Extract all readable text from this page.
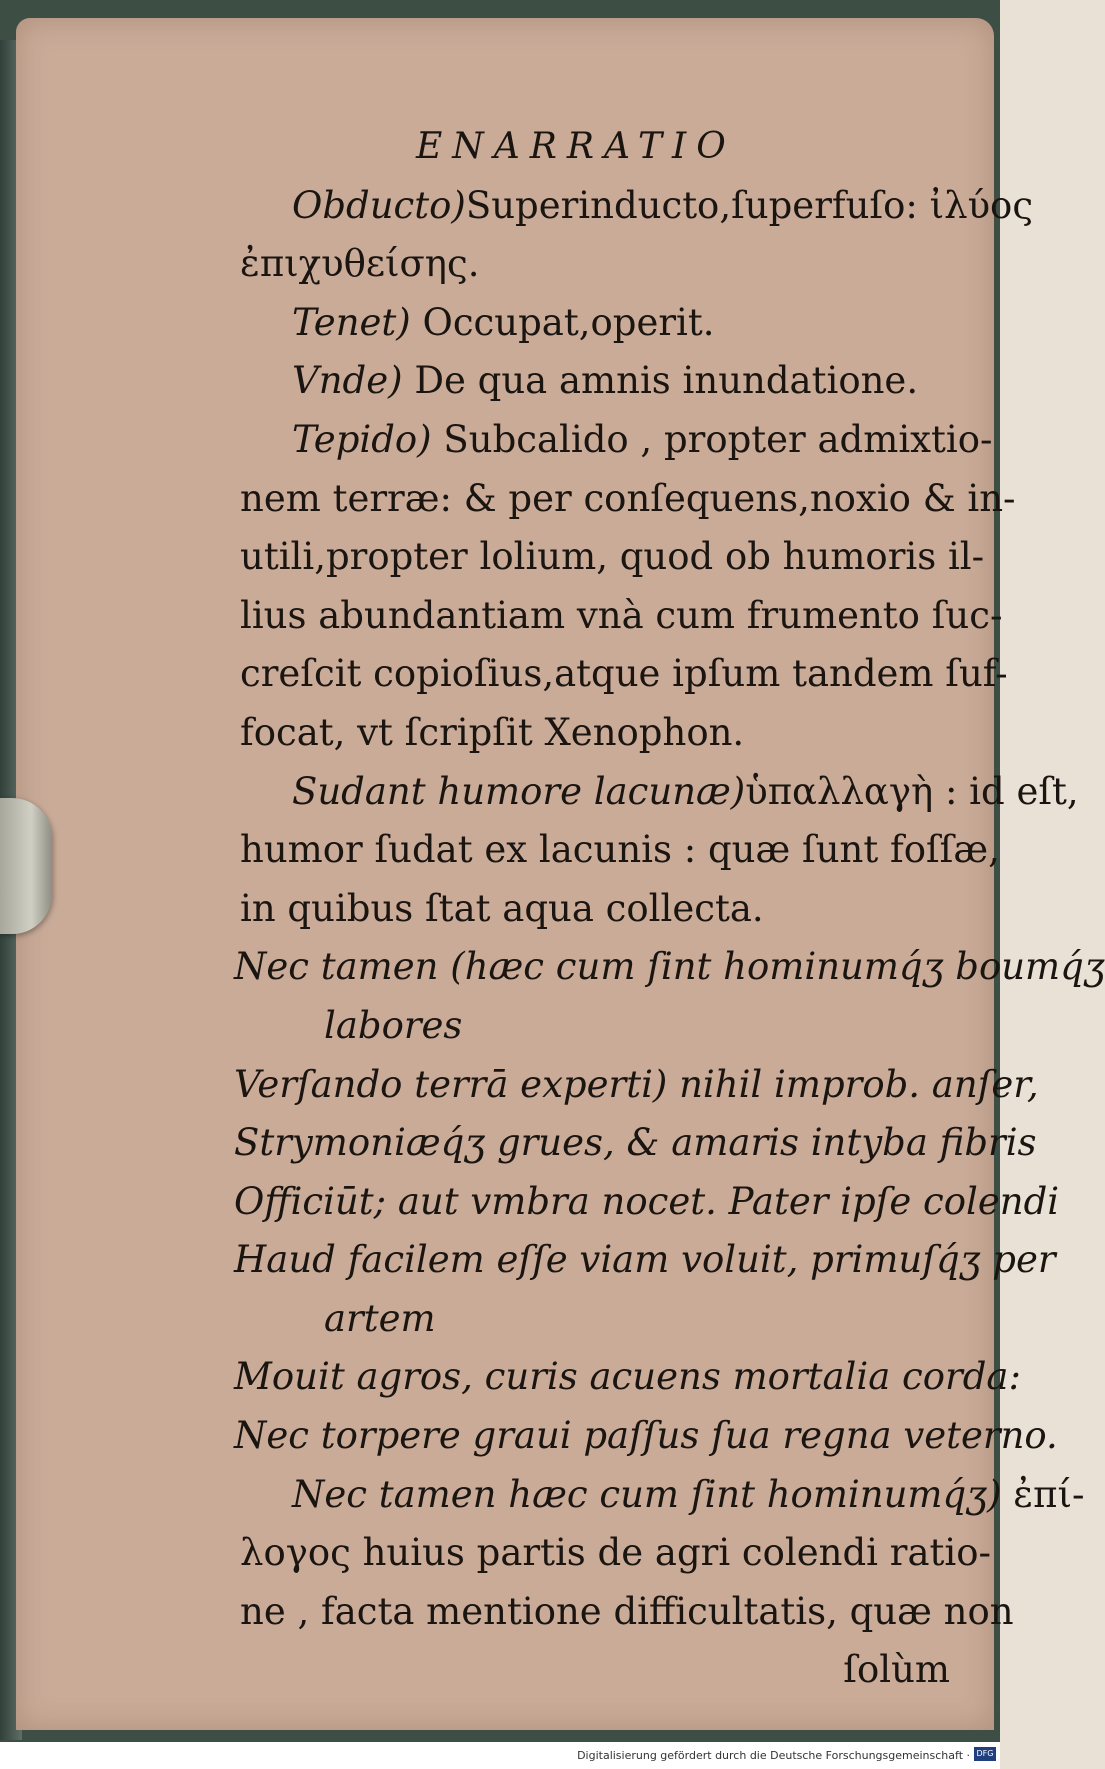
ENARRATIO
Obducto)Superinducto,ſuperfuſo: ἰλύος
ἐπιχυθείσης.
Tenet) Occupat,operit.
Vnde) De qua amnis inundatione.
Tepido) Subcalido , propter admixtio-
nem terræ: & per conſequens,noxio & in-
utili,propter lolium, quod ob humoris il-
lius abundantiam vnà cum frumento ſuc-
creſcit copioſius,atque ipſum tandem ſuf-
focat, vt ſcripſit Xenophon.
Sudant humore lacunæ)ὑπαλλαγὴ : id eſt,
humor ſudat ex lacunis : quæ ſunt foſſæ,
in quibus ſtat aqua collecta.
Nec tamen (hæc cum ſint hominumq́ʒ boumq́ʒ
labores
Verſando terrā experti) nihil improb. anſer,
Strymoniæq́ʒ grues, & amaris intyba fibris
Officiūt; aut vmbra nocet. Pater ipſe colendi
Haud facilem eſſe viam voluit, primuſq́ʒ per
artem
Mouit agros, curis acuens mortalia corda:
Nec torpere graui paſſus ſua regna veterno.
Nec tamen hæc cum ſint hominumq́ʒ) ἐπί-
λογος huius partis de agri colendi ratio-
ne , facta mentione difficultatis, quæ non
ſolùm
Digitalisierung gefördert durch die Deutsche Forschungsgemeinschaft · DFG
